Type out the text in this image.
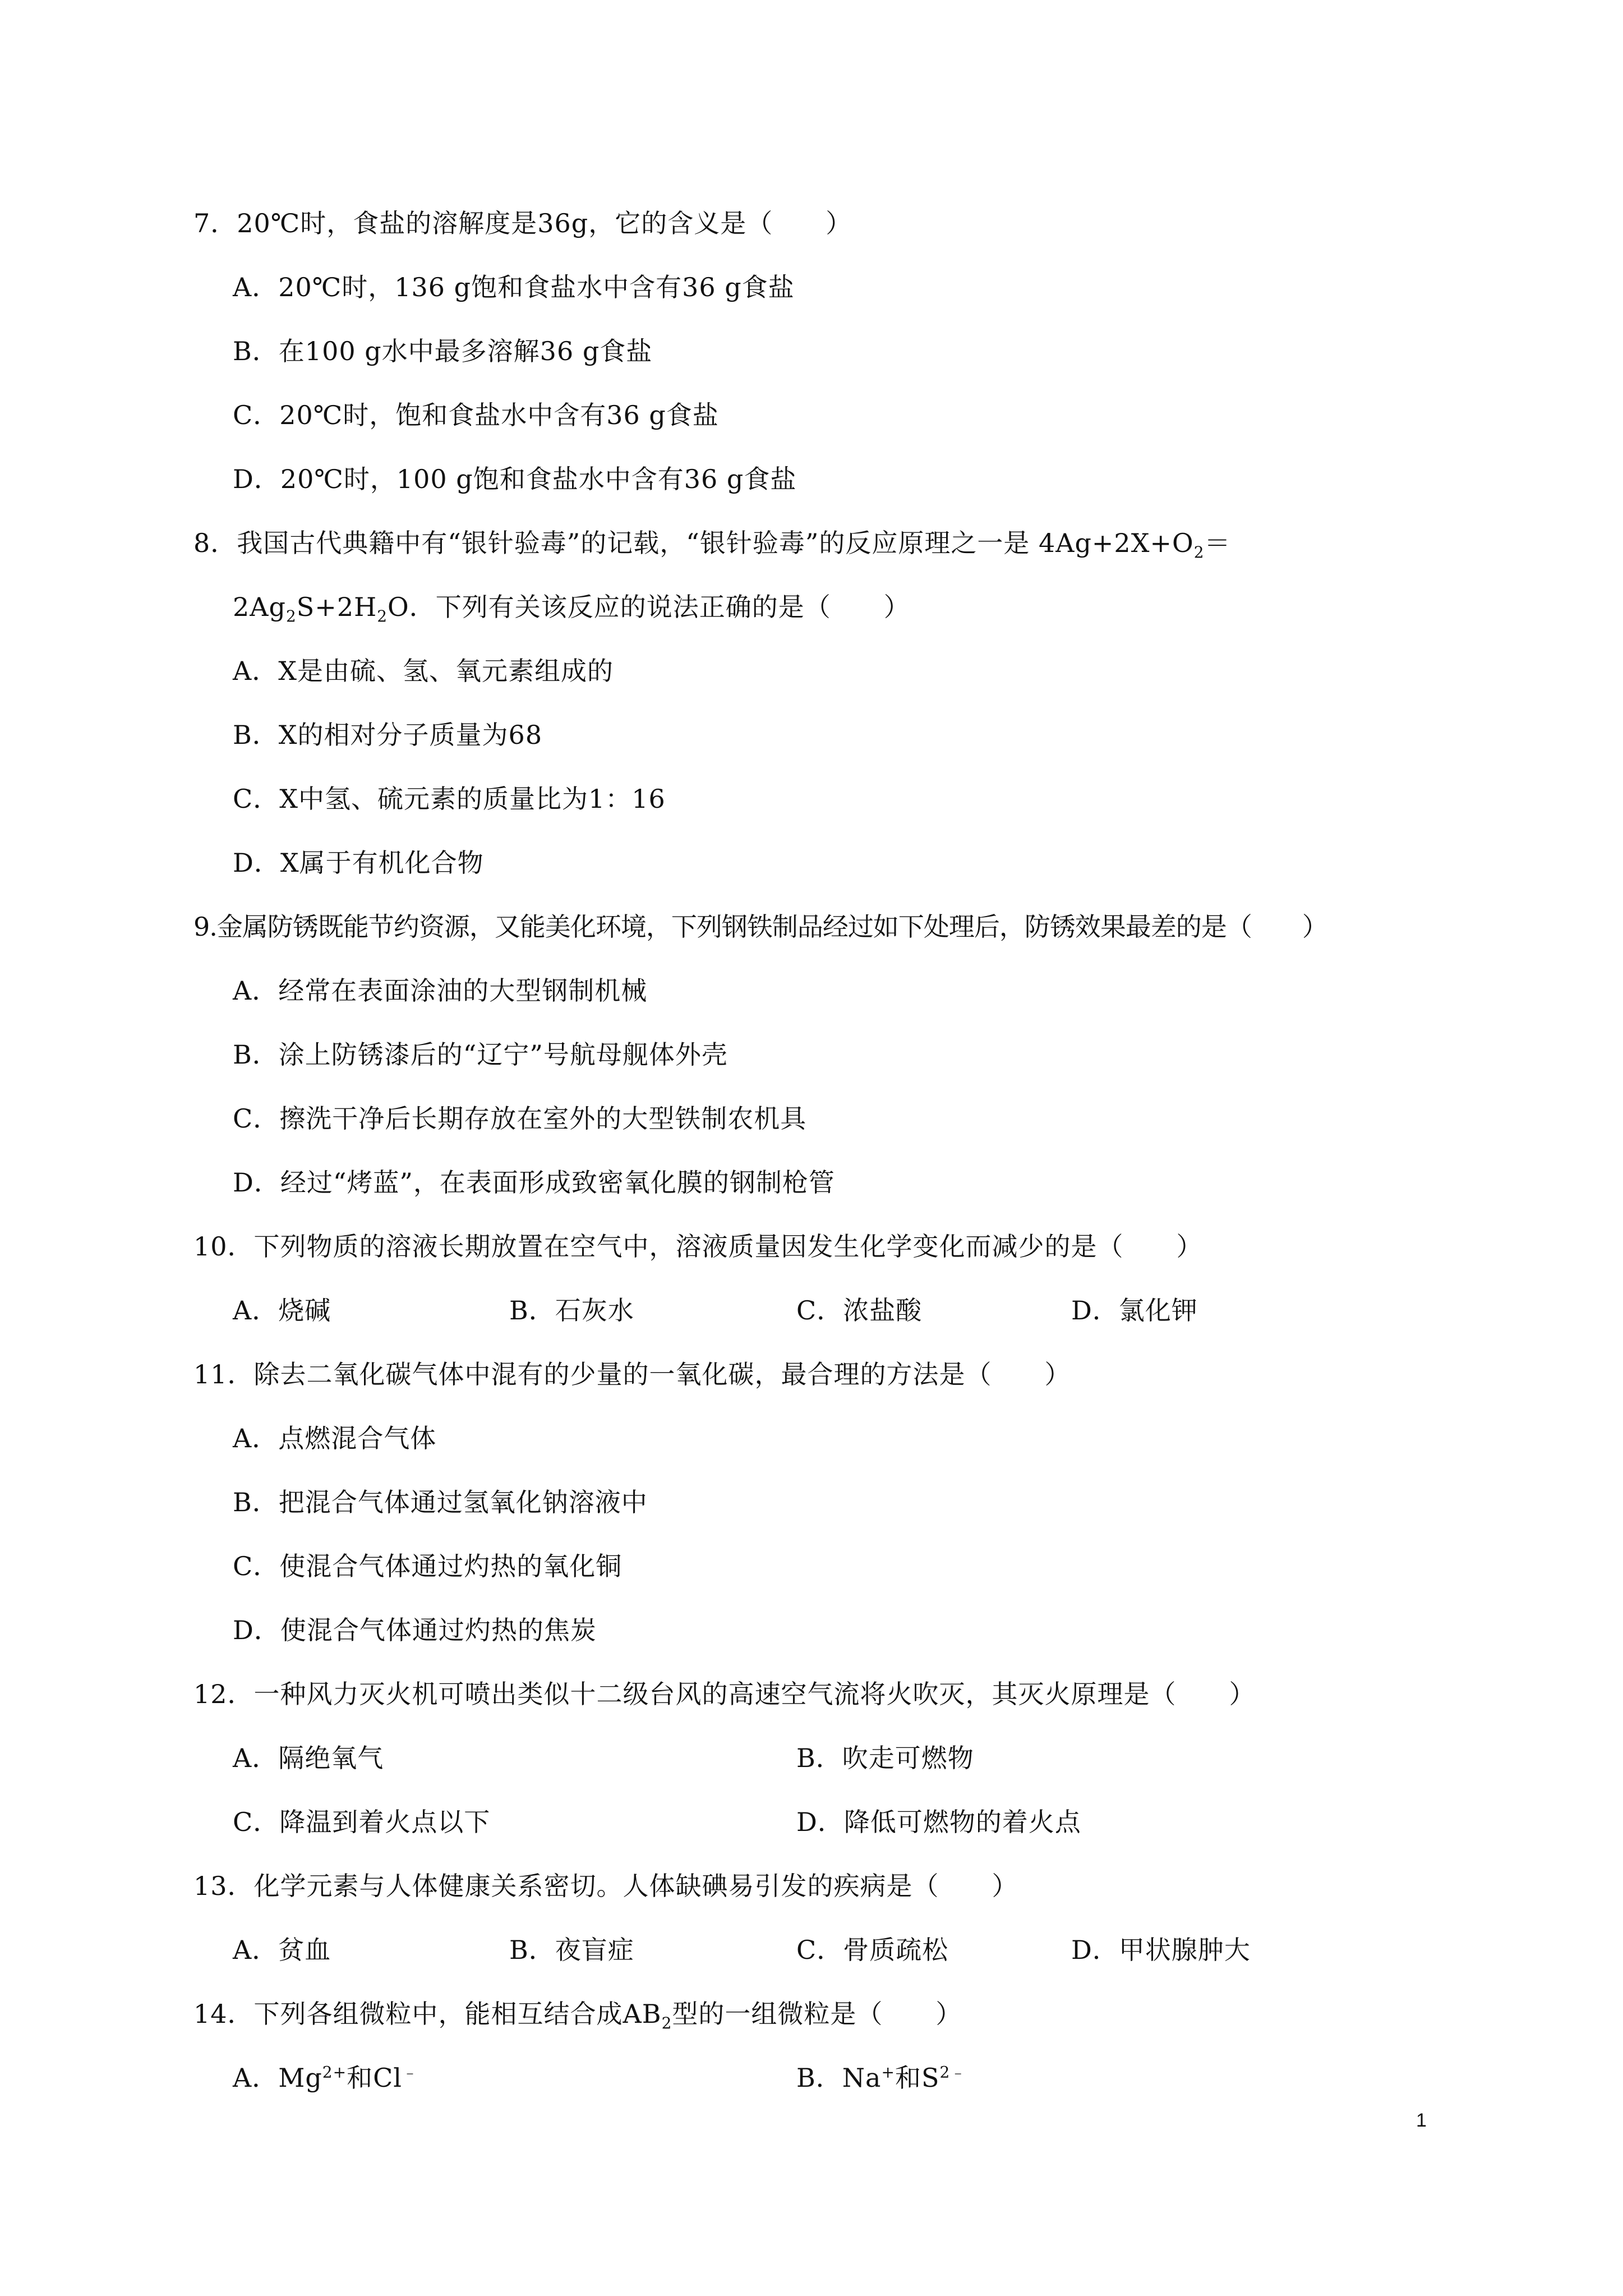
7．20℃时，食盐的溶解度是36g，它的含义是（　　）
A．20℃时，136 g饱和食盐水中含有36 g食盐
B．在100 g水中最多溶解36 g食盐
C．20℃时，饱和食盐水中含有36 g食盐
D．20℃时，100 g饱和食盐水中含有36 g食盐
8．我国古代典籍中有“银针验毒”的记载，“银针验毒”的反应原理之一是 $4Ag+2X+O_2=$
$2Ag_2S+2H_2O$．下列有关该反应的说法正确的是（　　）
A．X是由硫、氢、氧元素组成的
B．X的相对分子质量为68
C．X中氢、硫元素的质量比为1：16
D．X属于有机化合物
9.金属防锈既能节约资源，又能美化环境，下列钢铁制品经过如下处理后，防锈效果最差的是（　　）
A．经常在表面涂油的大型钢制机械
B．涂上防锈漆后的“辽宁”号航母舰体外壳
C．擦洗干净后长期存放在室外的大型铁制农机具
D．经过“烤蓝”，在表面形成致密氧化膜的钢制枪管
10．下列物质的溶液长期放置在空气中，溶液质量因发生化学变化而减少的是（　　）
A．烧碱	B．石灰水	C．浓盐酸	D．氯化钾
11．除去二氧化碳气体中混有的少量的一氧化碳，最合理的方法是（　　）
A．点燃混合气体
B．把混合气体通过氢氧化钠溶液中
C．使混合气体通过灼热的氧化铜
D．使混合气体通过灼热的焦炭
12．一种风力灭火机可喷出类似十二级台风的高速空气流将火吹灭，其灭火原理是（　　）
A．隔绝氧气	B．吹走可燃物
C．降温到着火点以下	D．降低可燃物的着火点
13．化学元素与人体健康关系密切。人体缺碘易引发的疾病是（　　）
A．贫血	B．夜盲症	C．骨质疏松	D．甲状腺肿大
14．下列各组微粒中，能相互结合成$AB_2$型的一组微粒是（　　）
A．$Mg^{2+}$和Cl﹣	B．Na+和$S^{2﹣}$
1
